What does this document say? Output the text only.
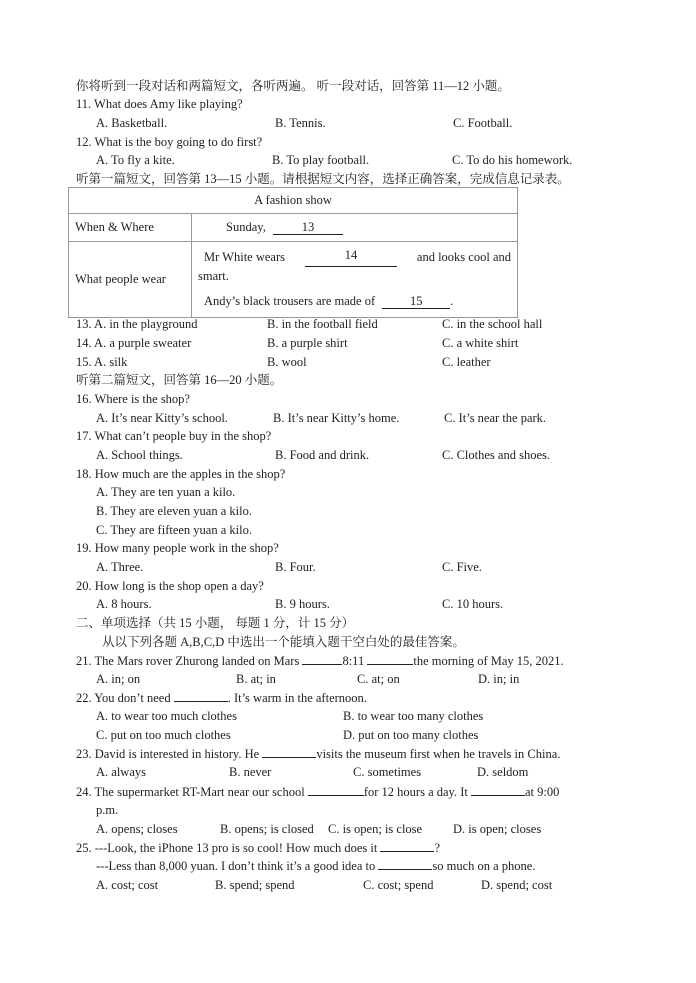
你将听到一段对话和两篇短文，各听两遍。 听一段对话，回答第 11—12 小题。
11. What does Amy like playing?
A. Basketball.	B. Tennis.	C. Football.
12. What is the boy going to do first?
A. To fly a kite.	B. To play football.	C. To do his homework.
听第一篇短文，回答第 13—15 小题。请根据短文内容，选择正确答案，完成信息记录表。
A fashion show	
When & Where	Sunday, 13
What people wear	Mr White wears 14 and looks cool and
smart.
Andy’s black trousers are made of 15 .
13. A. in the playground	B. in the football field	C. in the school hall
14. A. a purple sweater	B. a purple shirt	C. a white shirt
15. A. silk	B. wool	C. leather
听第二篇短文，回答第 16—20 小题。
16. Where is the shop?
A. It’s near Kitty’s school.	B. It’s near Kitty’s home.	C. It’s near the park.
17. What can’t people buy in the shop?
A. School things.	B. Food and drink.	C. Clothes and shoes.
18. How much are the apples in the shop?
A. They are ten yuan a kilo.
B. They are eleven yuan a kilo.
C. They are fifteen yuan a kilo.
19. How many people work in the shop?
A. Three.	B. Four.	C. Five.
20. How long is the shop open a day?
A. 8 hours.	B. 9 hours.	C. 10 hours.
二、单项选择（共 15 小题， 每题 1 分，计 15 分）
从以下列各题 A,B,C,D 中选出一个能填入题干空白处的最佳答案。
21. The Mars rover Zhurong landed on Mars	8:11	the morning of May 15, 2021.
A. in; on	B. at; in	C. at; on	D. in; in
22. You don’t need	. It’s warm in the afternoon.
A. to wear too much clothes	B. to wear too many clothes
C. put on too much clothes	D. put on too many clothes
23. David is interested in history. He	visits the museum first when he travels in China.
A. always	B. never	C. sometimes	D. seldom
24. The supermarket RT-Mart near our school	for 12 hours a day. It	at 9:00
p.m.
A. opens; closes	B. opens; is closed C. is open; is close D. is open; closes
25. ---Look, the iPhone 13 pro is so cool! How much does it	?
---Less than 8,000 yuan. I don’t think it’s a good idea to	so much on a phone.
A. cost; cost	B. spend; spend	C. cost; spend	D. spend; cost
